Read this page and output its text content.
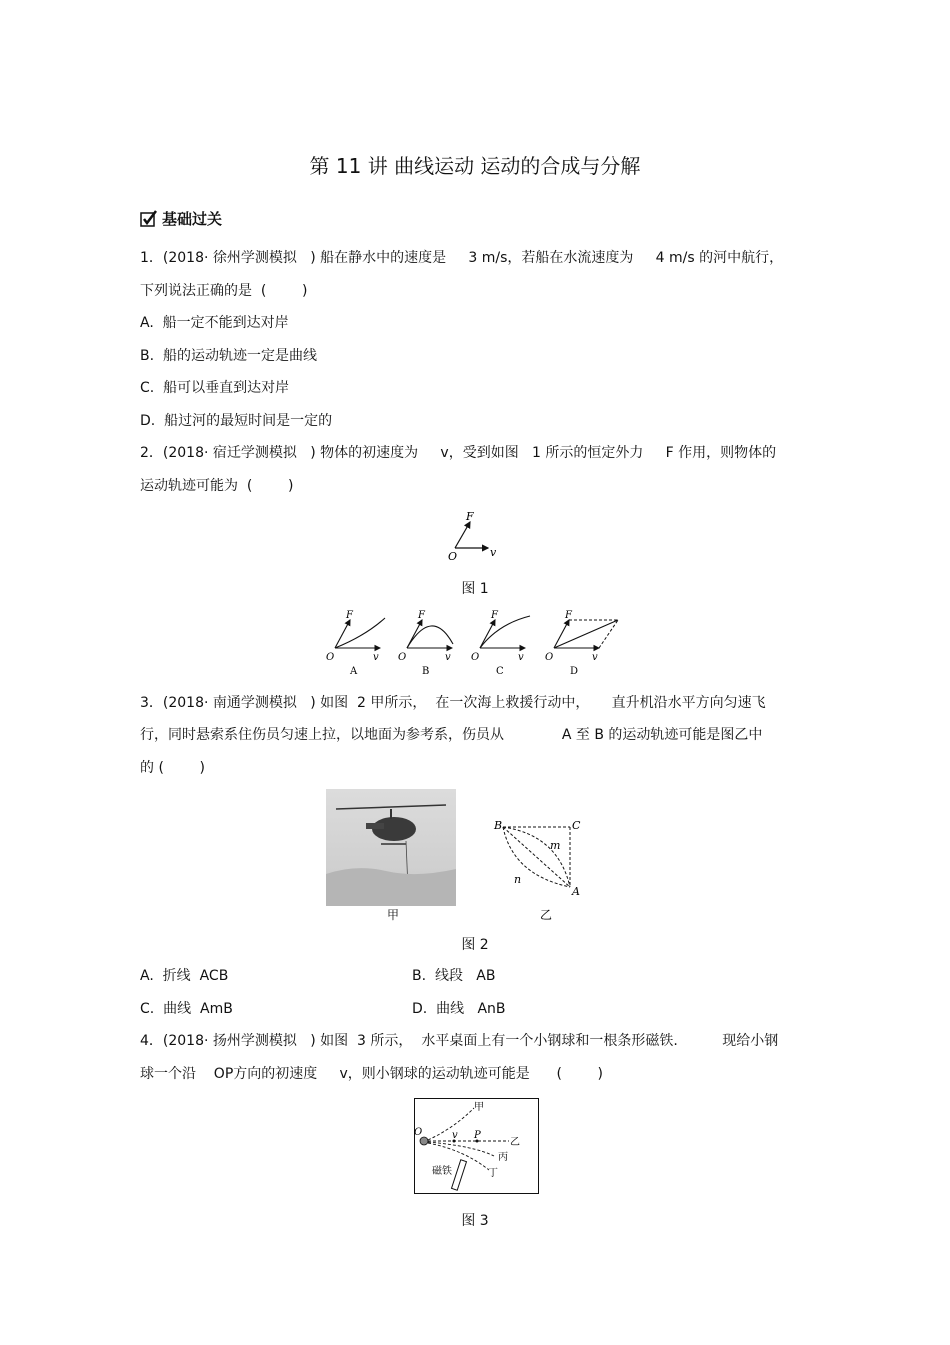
第 11 讲 曲线运动 运动的合成与分解
基础过关
1．(2018· 徐州学测模拟   ) 船在静水中的速度是     3 m/s，若船在水流速度为     4 m/s 的河中航行，
下列说法正确的是  (        )
A.  船一定不能到达对岸
B.  船的运动轨迹一定是曲线
C.  船可以垂直到达对岸
D.  船过河的最短时间是一定的
2．(2018· 宿迁学测模拟   ) 物体的初速度为     v，受到如图   1 所示的恒定外力     F 作用，则物体的
运动轨迹可能为  (        )
F
O	v
图 1
F
O	v
A
F
O	v
B
F
O	v
C
F
O	v
D
3．(2018· 南通学测模拟   ) 如图  2 甲所示，  在一次海上救援行动中，     直升机沿水平方向匀速飞
行，同时悬索系住伤员匀速上拉，以地面为参考系，伤员从             A 至 B 的运动轨迹可能是图乙中
的 (        )
甲
B	C
A
m
n
乙
图 2
A.  折线  ACB	B.  线段   AB
C.  曲线  AmB	D.  曲线   AnB
4．(2018· 扬州学测模拟   ) 如图  3 所示，  水平桌面上有一个小钢球和一根条形磁铁.          现给小钢
球一个沿    OP方向的初速度     v，则小钢球的运动轨迹可能是      (        )
O	v P
甲
乙
丙
丁
磁铁
图 3
